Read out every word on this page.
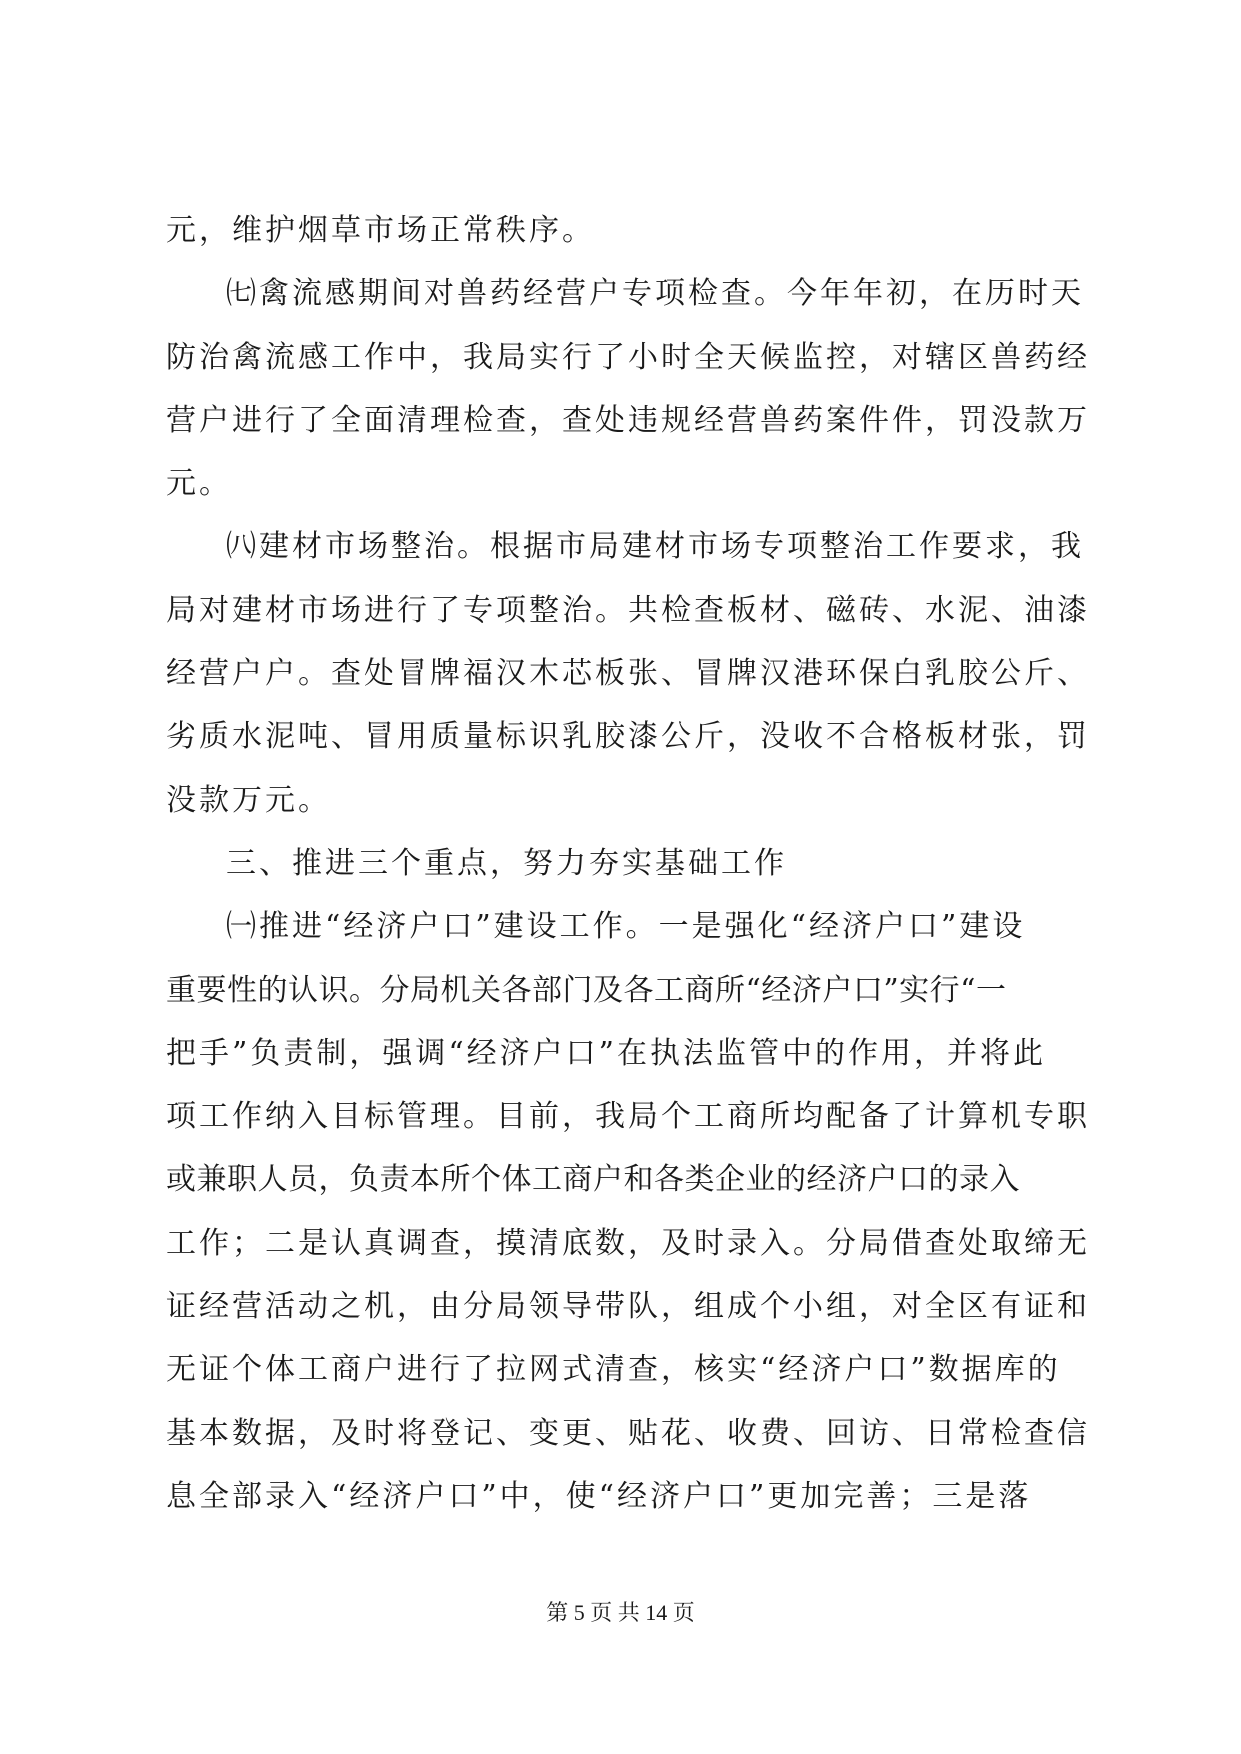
元，维护烟草市场正常秩序。
㈦禽流感期间对兽药经营户专项检查。今年年初，在历时天
防治禽流感工作中，我局实行了小时全天候监控，对辖区兽药经
营户进行了全面清理检查，查处违规经营兽药案件件，罚没款万
元。
㈧建材市场整治。根据市局建材市场专项整治工作要求，我
局对建材市场进行了专项整治。共检查板材、磁砖、水泥、油漆
经营户户。查处冒牌福汉木芯板张、冒牌汉港环保白乳胶公斤、
劣质水泥吨、冒用质量标识乳胶漆公斤，没收不合格板材张，罚
没款万元。
三、推进三个重点，努力夯实基础工作
㈠推进“经济户口”建设工作。一是强化“经济户口”建设
重要性的认识。分局机关各部门及各工商所“经济户口”实行“一
把手”负责制，强调“经济户口”在执法监管中的作用，并将此
项工作纳入目标管理。目前，我局个工商所均配备了计算机专职
或兼职人员，负责本所个体工商户和各类企业的经济户口的录入
工作；二是认真调查，摸清底数，及时录入。分局借查处取缔无
证经营活动之机，由分局领导带队，组成个小组，对全区有证和
无证个体工商户进行了拉网式清查，核实“经济户口”数据库的
基本数据，及时将登记、变更、贴花、收费、回访、日常检查信
息全部录入“经济户口”中，使“经济户口”更加完善；三是落
第 5 页 共 14 页
